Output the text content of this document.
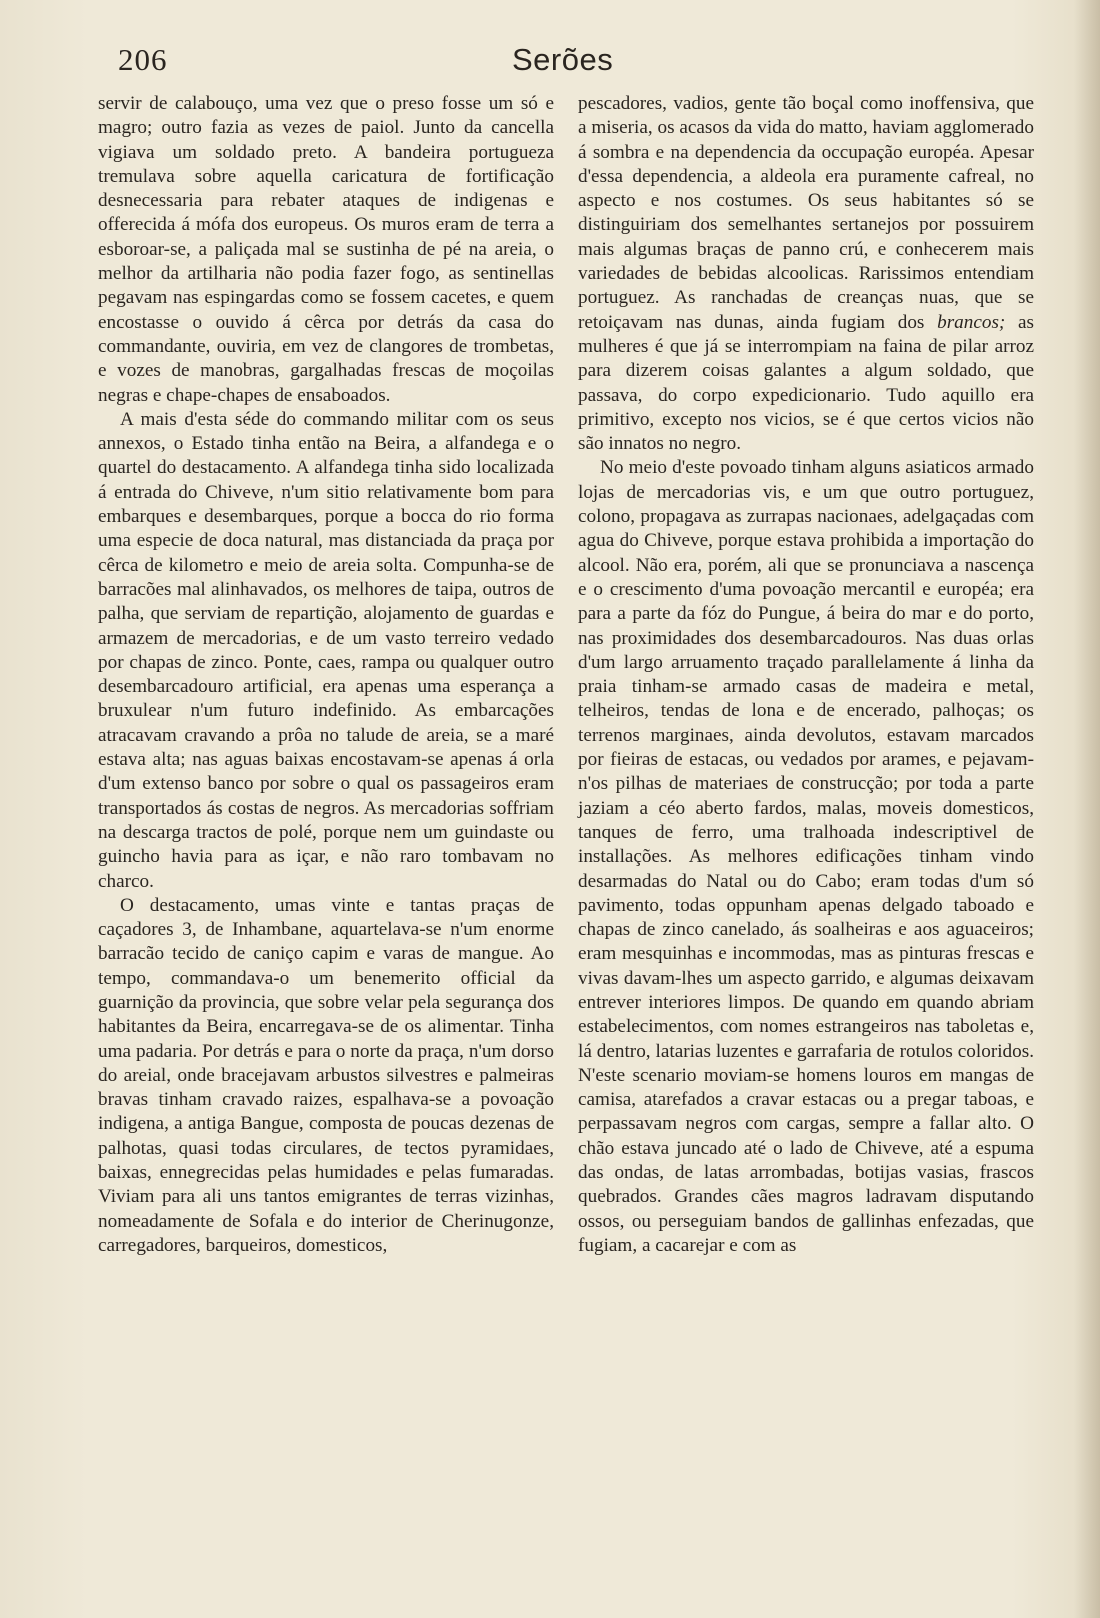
206	Serões

servir de calabouço, uma vez que o preso fosse um só e magro; outro fazia as vezes de paiol. Junto da cancella vigiava um soldado preto. A bandeira portugueza tremulava sobre aquella caricatura de fortificação desnecessaria para rebater ataques de indigenas e offerecida á mófa dos europeus. Os muros eram de terra a esboroar-se, a paliçada mal se sustinha de pé na areia, o melhor da artilharia não podia fazer fogo, as sentinellas pegavam nas espingardas como se fossem cacetes, e quem encostasse o ouvido á cêrca por detrás da casa do commandante, ouviria, em vez de clangores de trombetas, e vozes de manobras, gargalhadas frescas de moçoilas negras e chape-chapes de ensaboados.

A mais d'esta séde do commando militar com os seus annexos, o Estado tinha então na Beira, a alfandega e o quartel do destacamento. A alfandega tinha sido localizada á entrada do Chiveve, n'um sitio relativamente bom para embarques e desembarques, porque a bocca do rio forma uma especie de doca natural, mas distanciada da praça por cêrca de kilometro e meio de areia solta. Compunha-se de barracões mal alinhavados, os melhores de taipa, outros de palha, que serviam de repartição, alojamento de guardas e armazem de mercadorias, e de um vasto terreiro vedado por chapas de zinco. Ponte, caes, rampa ou qualquer outro desembarcadouro artificial, era apenas uma esperança a bruxulear n'um futuro indefinido. As embarcações atracavam cravando a prôa no talude de areia, se a maré estava alta; nas aguas baixas encostavam-se apenas á orla d'um extenso banco por sobre o qual os passageiros eram transportados ás costas de negros. As mercadorias soffriam na descarga tractos de polé, porque nem um guindaste ou guincho havia para as içar, e não raro tombavam no charco.

O destacamento, umas vinte e tantas praças de caçadores 3, de Inhambane, aquartelava-se n'um enorme barracão tecido de caniço capim e varas de mangue. Ao tempo, commandava-o um benemerito official da guarnição da provincia, que sobre velar pela segurança dos habitantes da Beira, encarregava-se de os alimentar. Tinha uma padaria. Por detrás e para o norte da praça, n'um dorso do areial, onde bracejavam arbustos silvestres e palmeiras bravas tinham cravado raizes, espalhava-se a povoação indigena, a antiga Bangue, composta de poucas dezenas de palhotas, quasi todas circulares, de tectos pyramidaes, baixas, ennegrecidas pelas humidades e pelas fumaradas. Viviam para ali uns tantos emigrantes de terras vizinhas, nomeadamente de Sofala e do interior de Cherinugonze, carregadores, barqueiros, domesticos,

pescadores, vadios, gente tão boçal como inoffensiva, que a miseria, os acasos da vida do matto, haviam agglomerado á sombra e na dependencia da occupação européa. Apesar d'essa dependencia, a aldeola era puramente cafreal, no aspecto e nos costumes. Os seus habitantes só se distinguiriam dos semelhantes sertanejos por possuirem mais algumas braças de panno crú, e conhecerem mais variedades de bebidas alcoolicas. Rarissimos entendiam portuguez. As ranchadas de creanças nuas, que se retoiçavam nas dunas, ainda fugiam dos brancos; as mulheres é que já se interrompiam na faina de pilar arroz para dizerem coisas galantes a algum soldado, que passava, do corpo expedicionario. Tudo aquillo era primitivo, excepto nos vicios, se é que certos vicios não são innatos no negro.

No meio d'este povoado tinham alguns asiaticos armado lojas de mercadorias vis, e um que outro portuguez, colono, propagava as zurrapas nacionaes, adelgaçadas com agua do Chiveve, porque estava prohibida a importação do alcool. Não era, porém, ali que se pronunciava a nascença e o crescimento d'uma povoação mercantil e européa; era para a parte da fóz do Pungue, á beira do mar e do porto, nas proximidades dos desembarcadouros. Nas duas orlas d'um largo arruamento traçado parallelamente á linha da praia tinham-se armado casas de madeira e metal, telheiros, tendas de lona e de encerado, palhoças; os terrenos marginaes, ainda devolutos, estavam marcados por fieiras de estacas, ou vedados por arames, e pejavam-n'os pilhas de materiaes de construcção; por toda a parte jaziam a céo aberto fardos, malas, moveis domesticos, tanques de ferro, uma tralhoada indescriptivel de installações. As melhores edificações tinham vindo desarmadas do Natal ou do Cabo; eram todas d'um só pavimento, todas oppunham apenas delgado taboado e chapas de zinco canelado, ás soalheiras e aos aguaceiros; eram mesquinhas e incommodas, mas as pinturas frescas e vivas davam-lhes um aspecto garrido, e algumas deixavam entrever interiores limpos. De quando em quando abriam estabelecimentos, com nomes estrangeiros nas taboletas e, lá dentro, latarias luzentes e garrafaria de rotulos coloridos. N'este scenario moviam-se homens louros em mangas de camisa, atarefados a cravar estacas ou a pregar taboas, e perpassavam negros com cargas, sempre a fallar alto. O chão estava juncado até o lado de Chiveve, até a espuma das ondas, de latas arrombadas, botijas vasias, frascos quebrados. Grandes cães magros ladravam disputando ossos, ou perseguiam bandos de gallinhas enfezadas, que fugiam, a cacarejar e com as
